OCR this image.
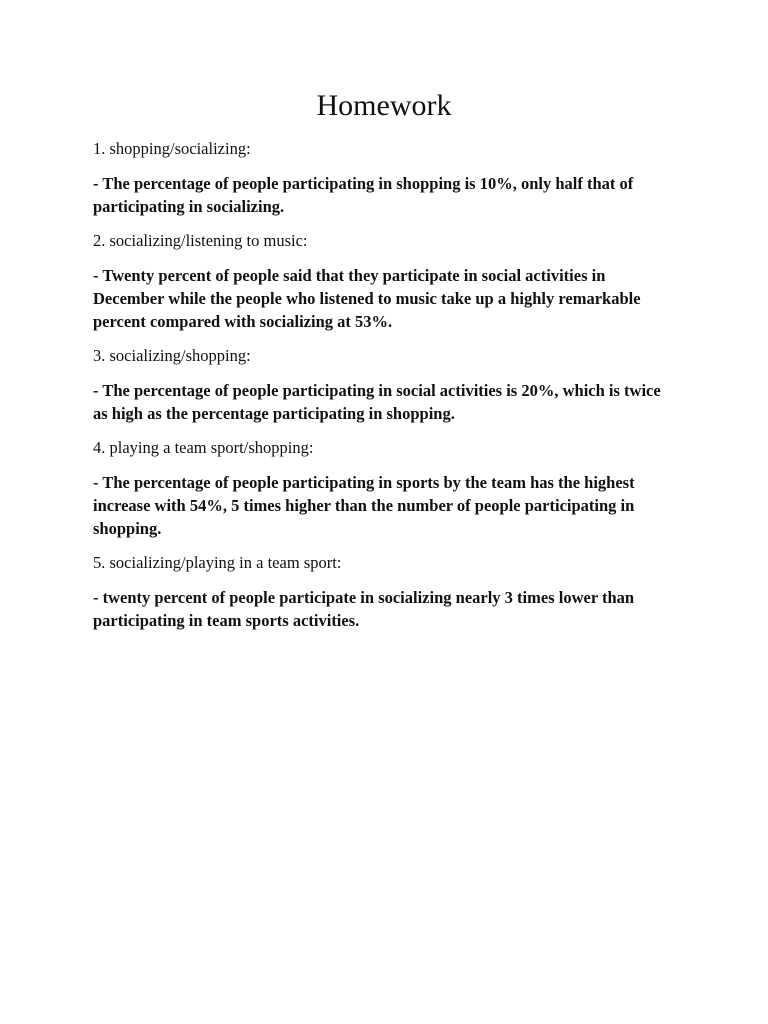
Homework

1. shopping/socializing:

- The percentage of people participating in shopping is 10%, only half that of participating in socializing.

2. socializing/listening to music:

- Twenty percent of people said that they participate in social activities in December while the people who listened to music take up a highly remarkable percent compared with socializing at 53%.

3. socializing/shopping:

- The percentage of people participating in social activities is 20%, which is twice as high as the percentage participating in shopping.

4. playing a team sport/shopping:

- The percentage of people participating in sports by the team has the highest increase with 54%, 5 times higher than the number of people participating in shopping.

5. socializing/playing in a team sport:

- twenty percent of people participate in socializing nearly 3 times lower than participating in team sports activities.
